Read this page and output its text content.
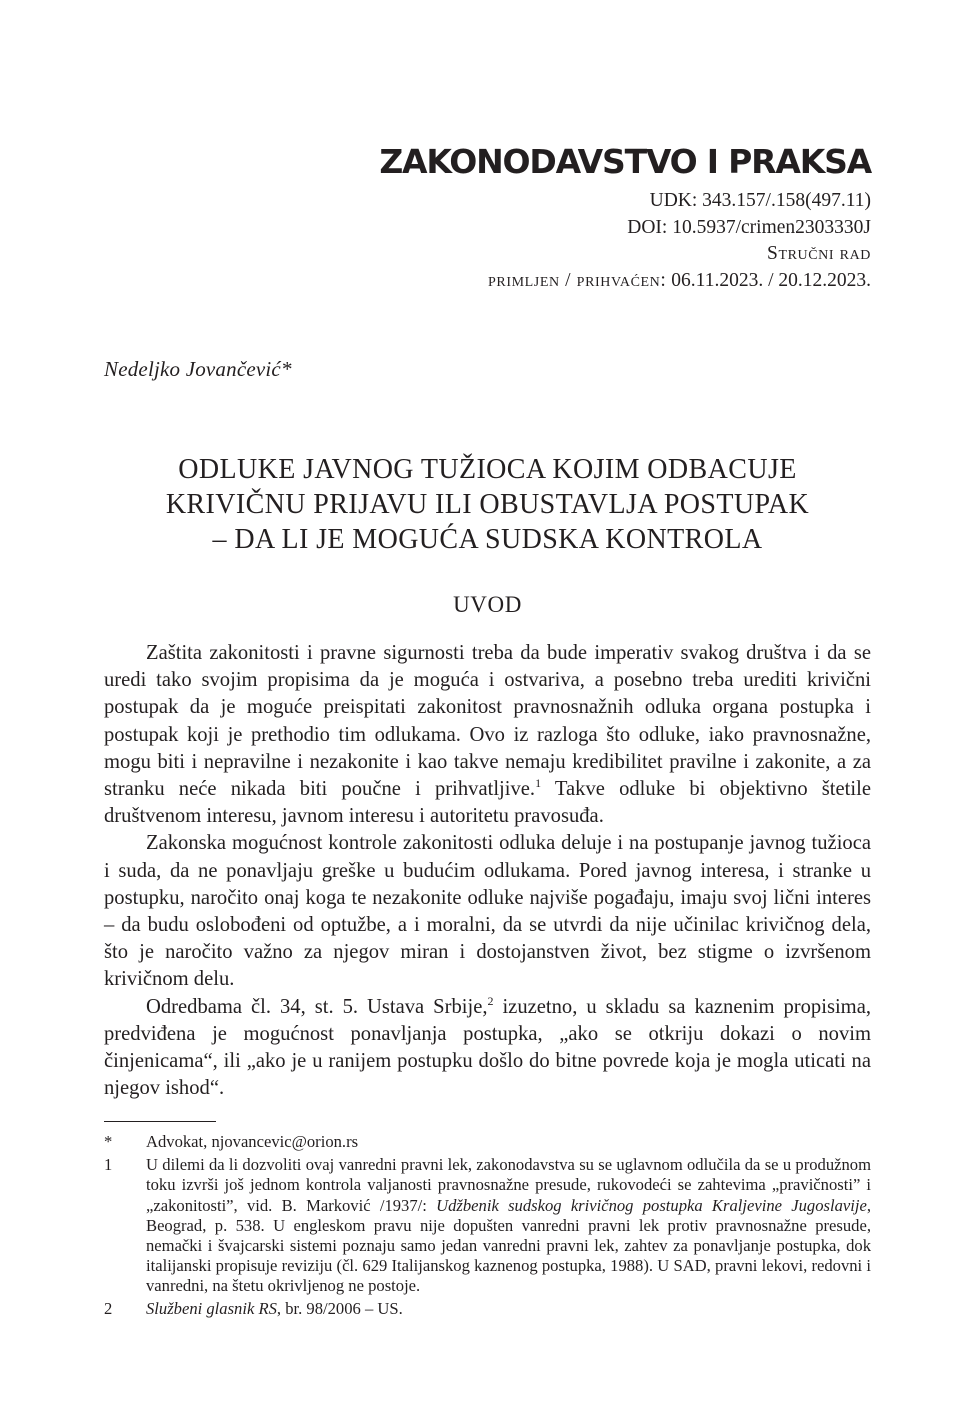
ZAKONODAVSTVO I PRAKSA
UDK: 343.157/.158(497.11)
DOI: 10.5937/crimen2303330J
Stručni rad
primljen / prihvaćen: 06.11.2023. / 20.12.2023.
Nedeljko Jovančević*
ODLUKE JAVNOG TUŽIOCA KOJIM ODBACUJE
KRIVIČNU PRIJAVU ILI OBUSTAVLJA POSTUPAK
– DA LI JE MOGUĆA SUDSKA KONTROLA
UVOD

Zaštita zakonitosti i pravne sigurnosti treba da bude imperativ svakog društva i da se uredi tako svojim propisima da je moguća i ostvariva, a posebno treba urediti krivični postupak da je moguće preispitati zakonitost pravnosnažnih odluka organa postupka i postupak koji je prethodio tim odlukama. Ovo iz razloga što odluke, iako pravnosnažne, mogu biti i nepravilne i nezakonite i kao takve nemaju kredibilitet pravilne i zakonite, a za stranku neće nikada biti poučne i prihvatljive.$^1$ Takve odluke bi objektivno štetile društvenom interesu, javnom interesu i autoritetu pravosuđa.

Zakonska mogućnost kontrole zakonitosti odluka deluje i na postupanje javnog tužioca i suda, da ne ponavljaju greške u budućim odlukama. Pored javnog interesa, i stranke u postupku, naročito onaj koga te nezakonite odluke najviše pogađaju, imaju svoj lični interes – da budu oslobođeni od optužbe, a i moralni, da se utvrdi da nije učinilac krivičnog dela, što je naročito važno za njegov miran i dostojanstven život, bez stigme o izvršenom krivičnom delu.

Odredbama čl. 34, st. 5. Ustava Srbije,$^2$ izuzetno, u skladu sa kaznenim propisima, predviđena je mogućnost ponavljanja postupka, „ako se otkriju dokazi o novim činjenicama“, ili „ako je u ranijem postupku došlo do bitne povrede koja je mogla uticati na njegov ishod“.

*	Advokat, njovancevic@orion.rs
1	U dilemi da li dozvoliti ovaj vanredni pravni lek, zakonodavstva su se uglavnom odlučila da se u produžnom toku izvrši još jednom kontrola valjanosti pravnosnažne presude, rukovodeći se zahtevima „pravičnosti” i „zakonitosti”, vid. B. Marković /1937/: Udžbenik sudskog krivičnog postupka Kraljevine Jugoslavije, Beograd, p. 538. U engleskom pravu nije dopušten vanredni pravni lek protiv pravnosnažne presude, nemački i švajcarski sistemi poznaju samo jedan vanredni pravni lek, zahtev za ponavljanje postupka, dok italijanski propisuje reviziju (čl. 629 Italijanskog kaznenog postupka, 1988). U SAD, pravni lekovi, redovni i vanredni, na štetu okrivljenog ne postoje.
2	Službeni glasnik RS, br. 98/2006 – US.
